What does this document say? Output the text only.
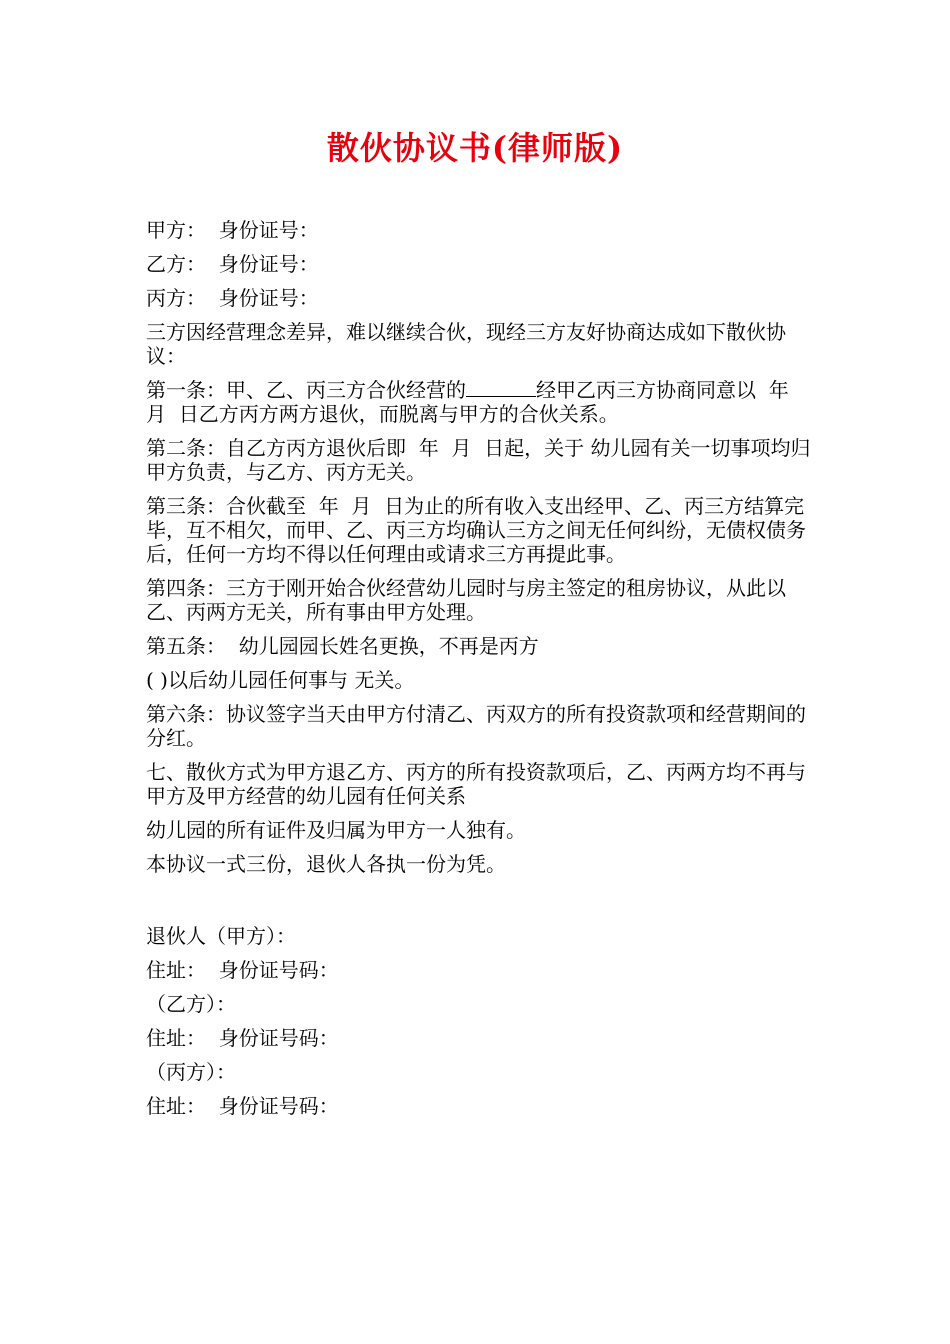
散伙协议书(律师版)
甲方：  身份证号：
乙方：  身份证号：
丙方：  身份证号：
三方因经营理念差异，难以继续合伙，现经三方友好协商达成如下散伙协议：
第一条：甲、乙、丙三方合伙经营的	经甲乙丙三方协商同意以  年  月  日乙方丙方两方退伙，而脱离与甲方的合伙关系。
第二条：自乙方丙方退伙后即  年  月  日起，关于 幼儿园有关一切事项均归甲方负责，与乙方、丙方无关。
第三条：合伙截至  年  月  日为止的所有收入支出经甲、乙、丙三方结算完毕，互不相欠，而甲、乙、丙三方均确认三方之间无任何纠纷，无债权债务后，任何一方均不得以任何理由或请求三方再提此事。
第四条：三方于刚开始合伙经营幼儿园时与房主签定的租房协议，从此以乙、丙两方无关，所有事由甲方处理。
第五条：  幼儿园园长姓名更换，不再是丙方
( )以后幼儿园任何事与 无关。
第六条：协议签字当天由甲方付清乙、丙双方的所有投资款项和经营期间的分红。
七、散伙方式为甲方退乙方、丙方的所有投资款项后，乙、丙两方均不再与甲方及甲方经营的幼儿园有任何关系
幼儿园的所有证件及归属为甲方一人独有。
本协议一式三份，退伙人各执一份为凭。
退伙人（甲方）：
住址：  身份证号码：
（乙方）：
住址：  身份证号码：
（丙方）：
住址：  身份证号码：
